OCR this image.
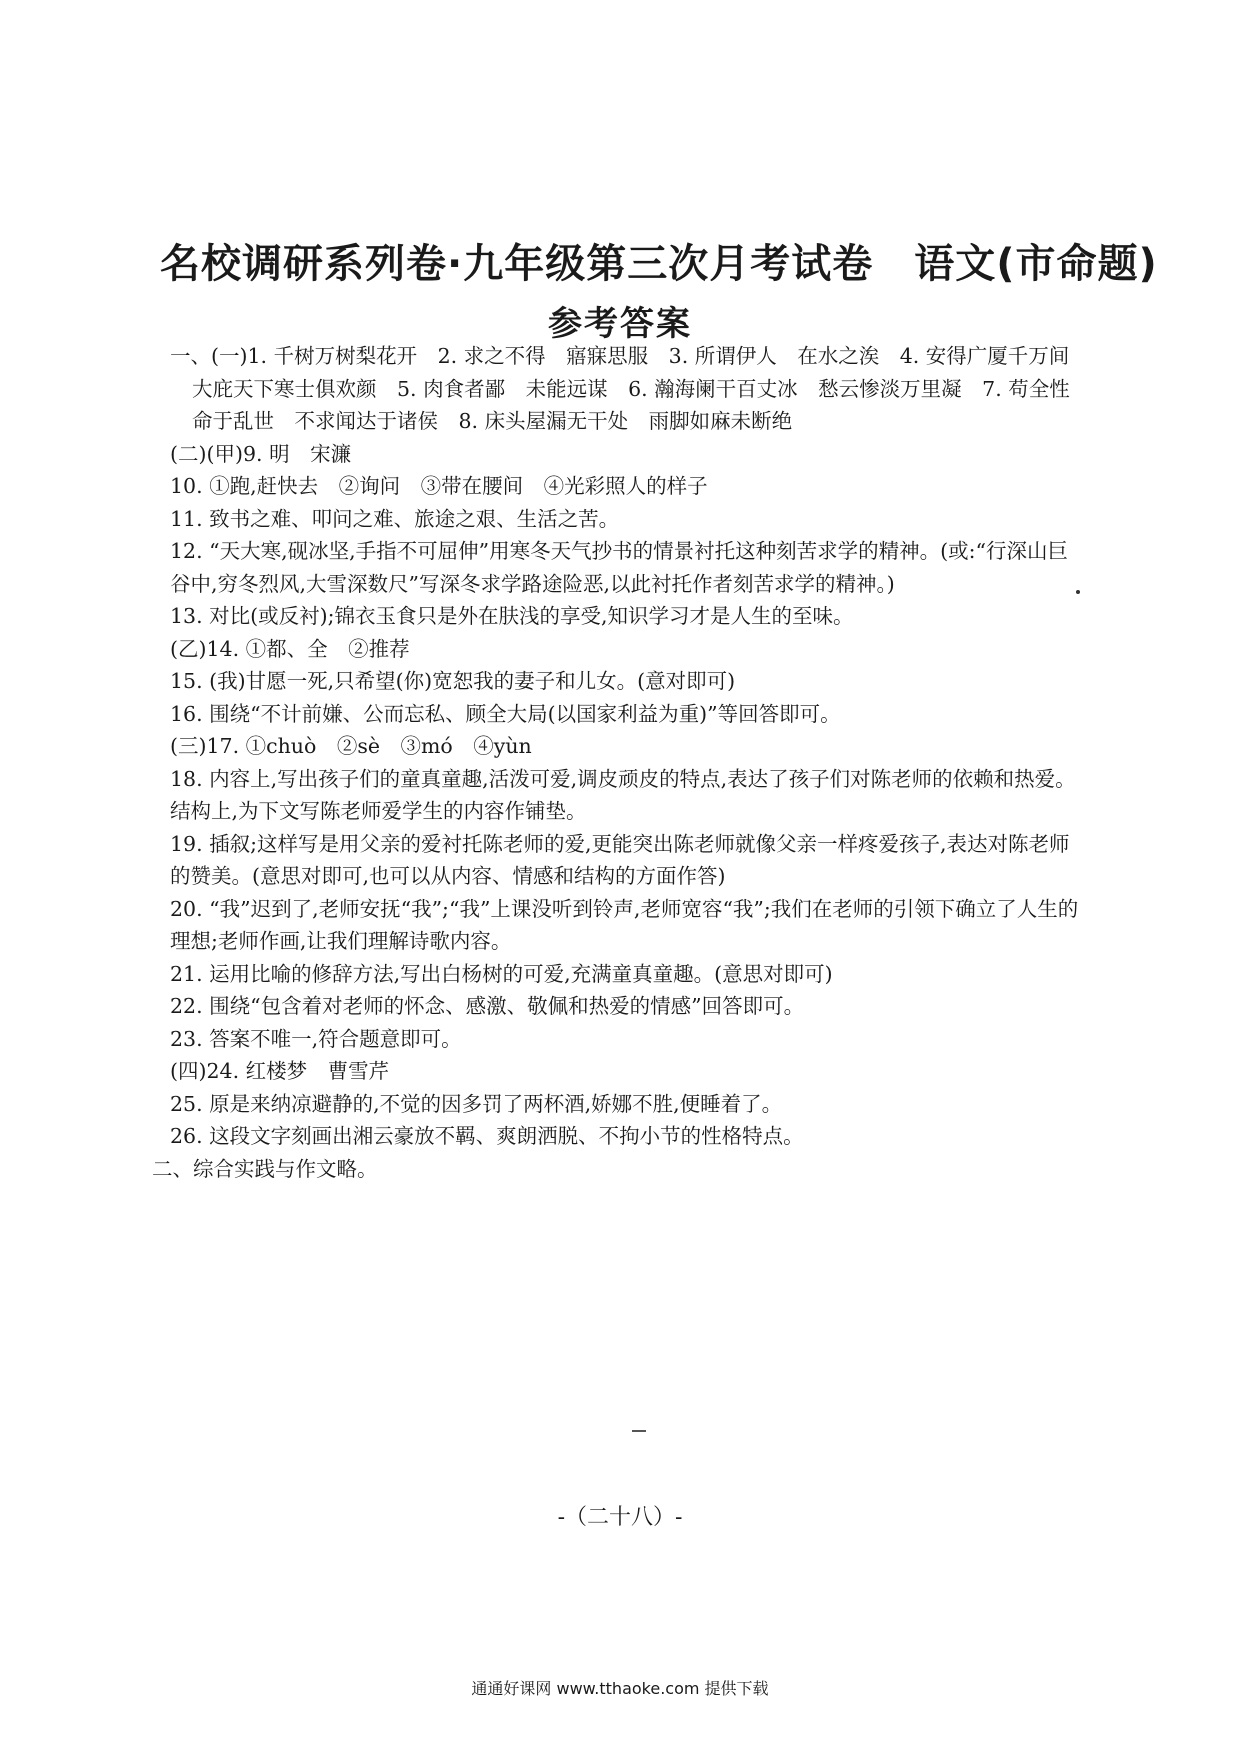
名校调研系列卷·九年级第三次月考试卷　语文(市命题)
参考答案

一、(一)1. 千树万树梨花开　2. 求之不得　寤寐思服　3. 所谓伊人　在水之涘　4. 安得广厦千万间　大庇天下寒士俱欢颜　5. 肉食者鄙　未能远谋　6. 瀚海阑干百丈冰　愁云惨淡万里凝　7. 苟全性命于乱世　不求闻达于诸侯　8. 床头屋漏无干处　雨脚如麻未断绝

(二)(甲)9. 明　宋濂

10. ①跑,赶快去　②询问　③带在腰间　④光彩照人的样子

11. 致书之难、叩问之难、旅途之艰、生活之苦。

12. “天大寒,砚冰坚,手指不可屈伸”用寒冬天气抄书的情景衬托这种刻苦求学的精神。(或:“行深山巨谷中,穷冬烈风,大雪深数尺”写深冬求学路途险恶,以此衬托作者刻苦求学的精神。)

13. 对比(或反衬);锦衣玉食只是外在肤浅的享受,知识学习才是人生的至味。

(乙)14. ①都、全　②推荐

15. (我)甘愿一死,只希望(你)宽恕我的妻子和儿女。(意对即可)

16. 围绕“不计前嫌、公而忘私、顾全大局(以国家利益为重)”等回答即可。

(三)17. ①chuò　②sè　③mó　④yùn

18. 内容上,写出孩子们的童真童趣,活泼可爱,调皮顽皮的特点,表达了孩子们对陈老师的依赖和热爱。结构上,为下文写陈老师爱学生的内容作铺垫。

19. 插叙;这样写是用父亲的爱衬托陈老师的爱,更能突出陈老师就像父亲一样疼爱孩子,表达对陈老师的赞美。(意思对即可,也可以从内容、情感和结构的方面作答)

20. “我”迟到了,老师安抚“我”;“我”上课没听到铃声,老师宽容“我”;我们在老师的引领下确立了人生的理想;老师作画,让我们理解诗歌内容。

21. 运用比喻的修辞方法,写出白杨树的可爱,充满童真童趣。(意思对即可)

22. 围绕“包含着对老师的怀念、感激、敬佩和热爱的情感”回答即可。

23. 答案不唯一,符合题意即可。

(四)24. 红楼梦　曹雪芹

25. 原是来纳凉避静的,不觉的因多罚了两杯酒,娇娜不胜,便睡着了。

26. 这段文字刻画出湘云豪放不羁、爽朗洒脱、不拘小节的性格特点。

二、综合实践与作文略。

-（二十八）-
通通好课网 www.tthaoke.com 提供下载
